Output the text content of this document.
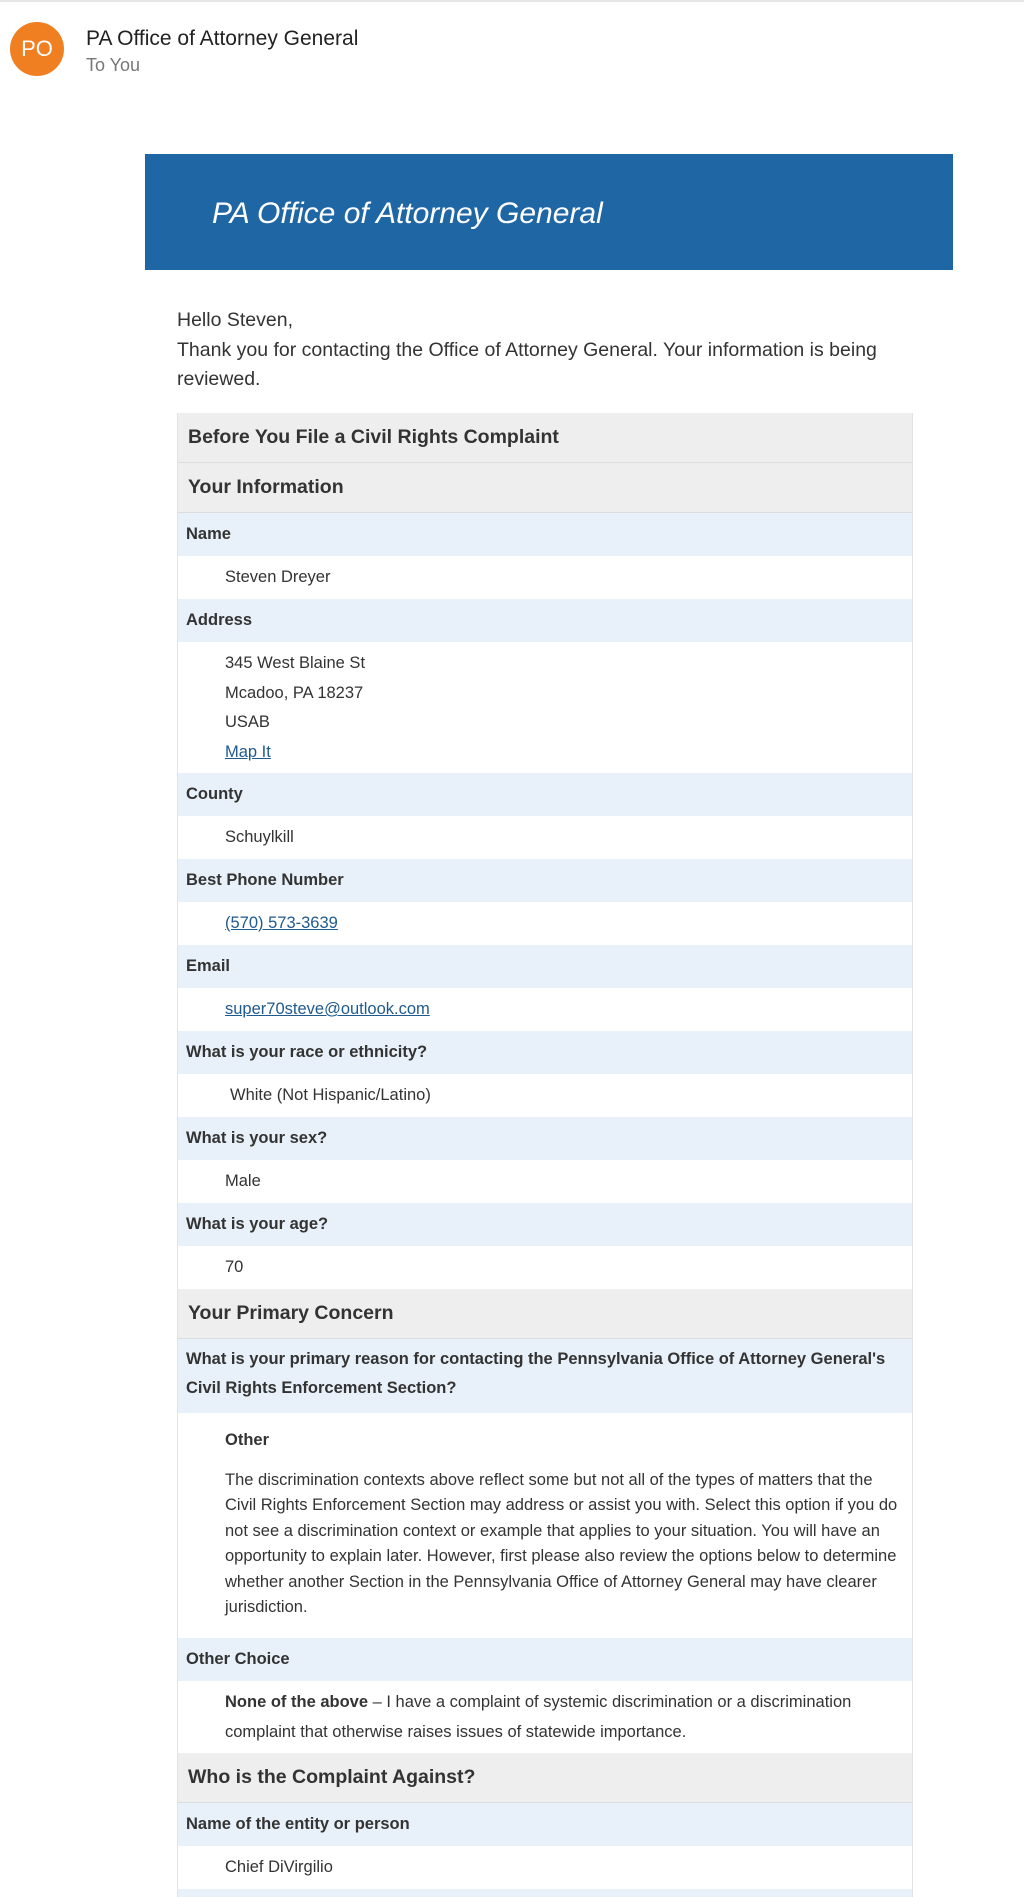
PO	PA Office of Attorney General
To You
PA Office of Attorney General
Hello Steven,
Thank you for contacting the Office of Attorney General. Your information is being reviewed.
Before You File a Civil Rights Complaint
Your Information
Name
Steven Dreyer
Address
345 West Blaine St
Mcadoo, PA 18237
USAB
Map It
County
Schuylkill
Best Phone Number
(570) 573-3639
Email
super70steve@outlook.com
What is your race or ethnicity?
White (Not Hispanic/Latino)
What is your sex?
Male
What is your age?
70
Your Primary Concern
What is your primary reason for contacting the Pennsylvania Office of Attorney General's Civil Rights Enforcement Section?
Other
The discrimination contexts above reflect some but not all of the types of matters that the Civil Rights Enforcement Section may address or assist you with. Select this option if you do not see a discrimination context or example that applies to your situation. You will have an opportunity to explain later. However, first please also review the options below to determine whether another Section in the Pennsylvania Office of Attorney General may have clearer jurisdiction.
Other Choice
None of the above – I have a complaint of systemic discrimination or a discrimination complaint that otherwise raises issues of statewide importance.
Who is the Complaint Against?
Name of the entity or person
Chief DiVirgilio
